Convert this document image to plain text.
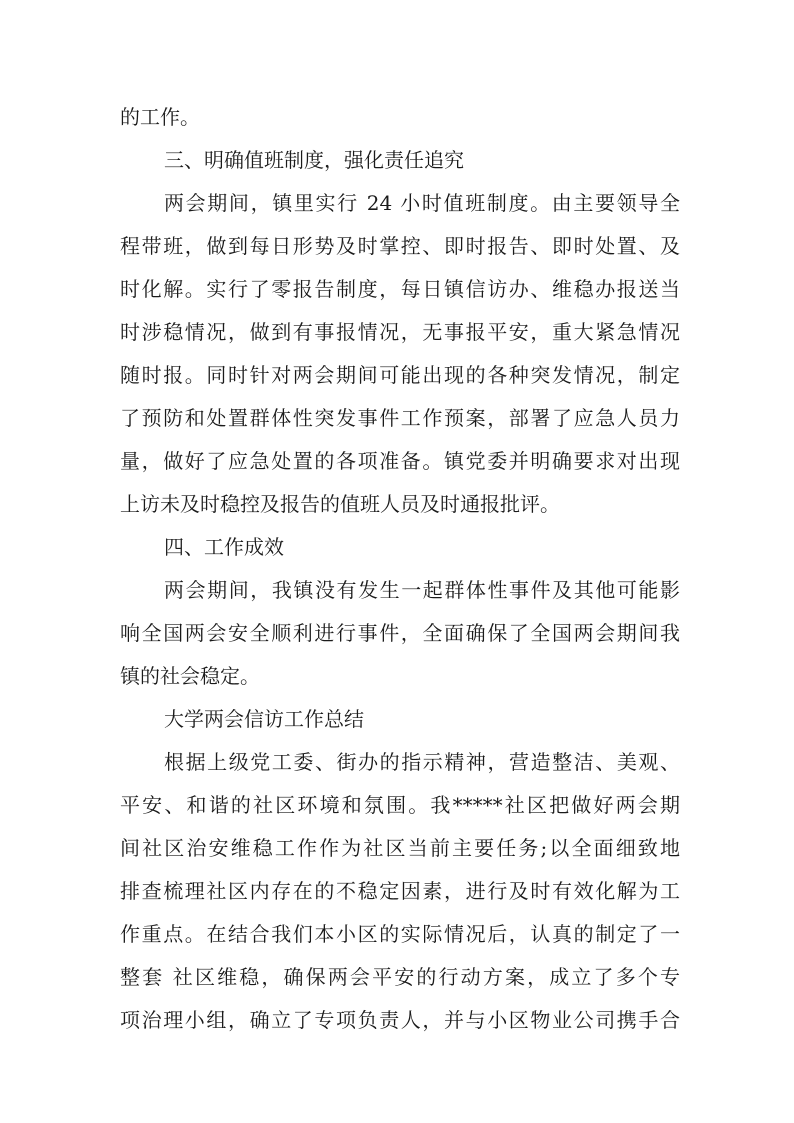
的工作。
三、明确值班制度，强化责任追究
两会期间，镇里实行 24 小时值班制度。由主要领导全
程带班，做到每日形势及时掌控、即时报告、即时处置、及
时化解。实行了零报告制度，每日镇信访办、维稳办报送当
时涉稳情况，做到有事报情况，无事报平安，重大紧急情况
随时报。同时针对两会期间可能出现的各种突发情况，制定
了预防和处置群体性突发事件工作预案，部署了应急人员力
量，做好了应急处置的各项准备。镇党委并明确要求对出现
上访未及时稳控及报告的值班人员及时通报批评。
四、工作成效
两会期间，我镇没有发生一起群体性事件及其他可能影
响全国两会安全顺利进行事件，全面确保了全国两会期间我
镇的社会稳定。
大学两会信访工作总结
根据上级党工委、街办的指示精神，营造整洁、美观、
平安、和谐的社区环境和氛围。我*****社区把做好两会期
间社区治安维稳工作作为社区当前主要任务;以全面细致地
排查梳理社区内存在的不稳定因素，进行及时有效化解为工
作重点。在结合我们本小区的实际情况后，认真的制定了一
整套 社区维稳，确保两会平安的行动方案，成立了多个专
项治理小组，确立了专项负责人，并与小区物业公司携手合
